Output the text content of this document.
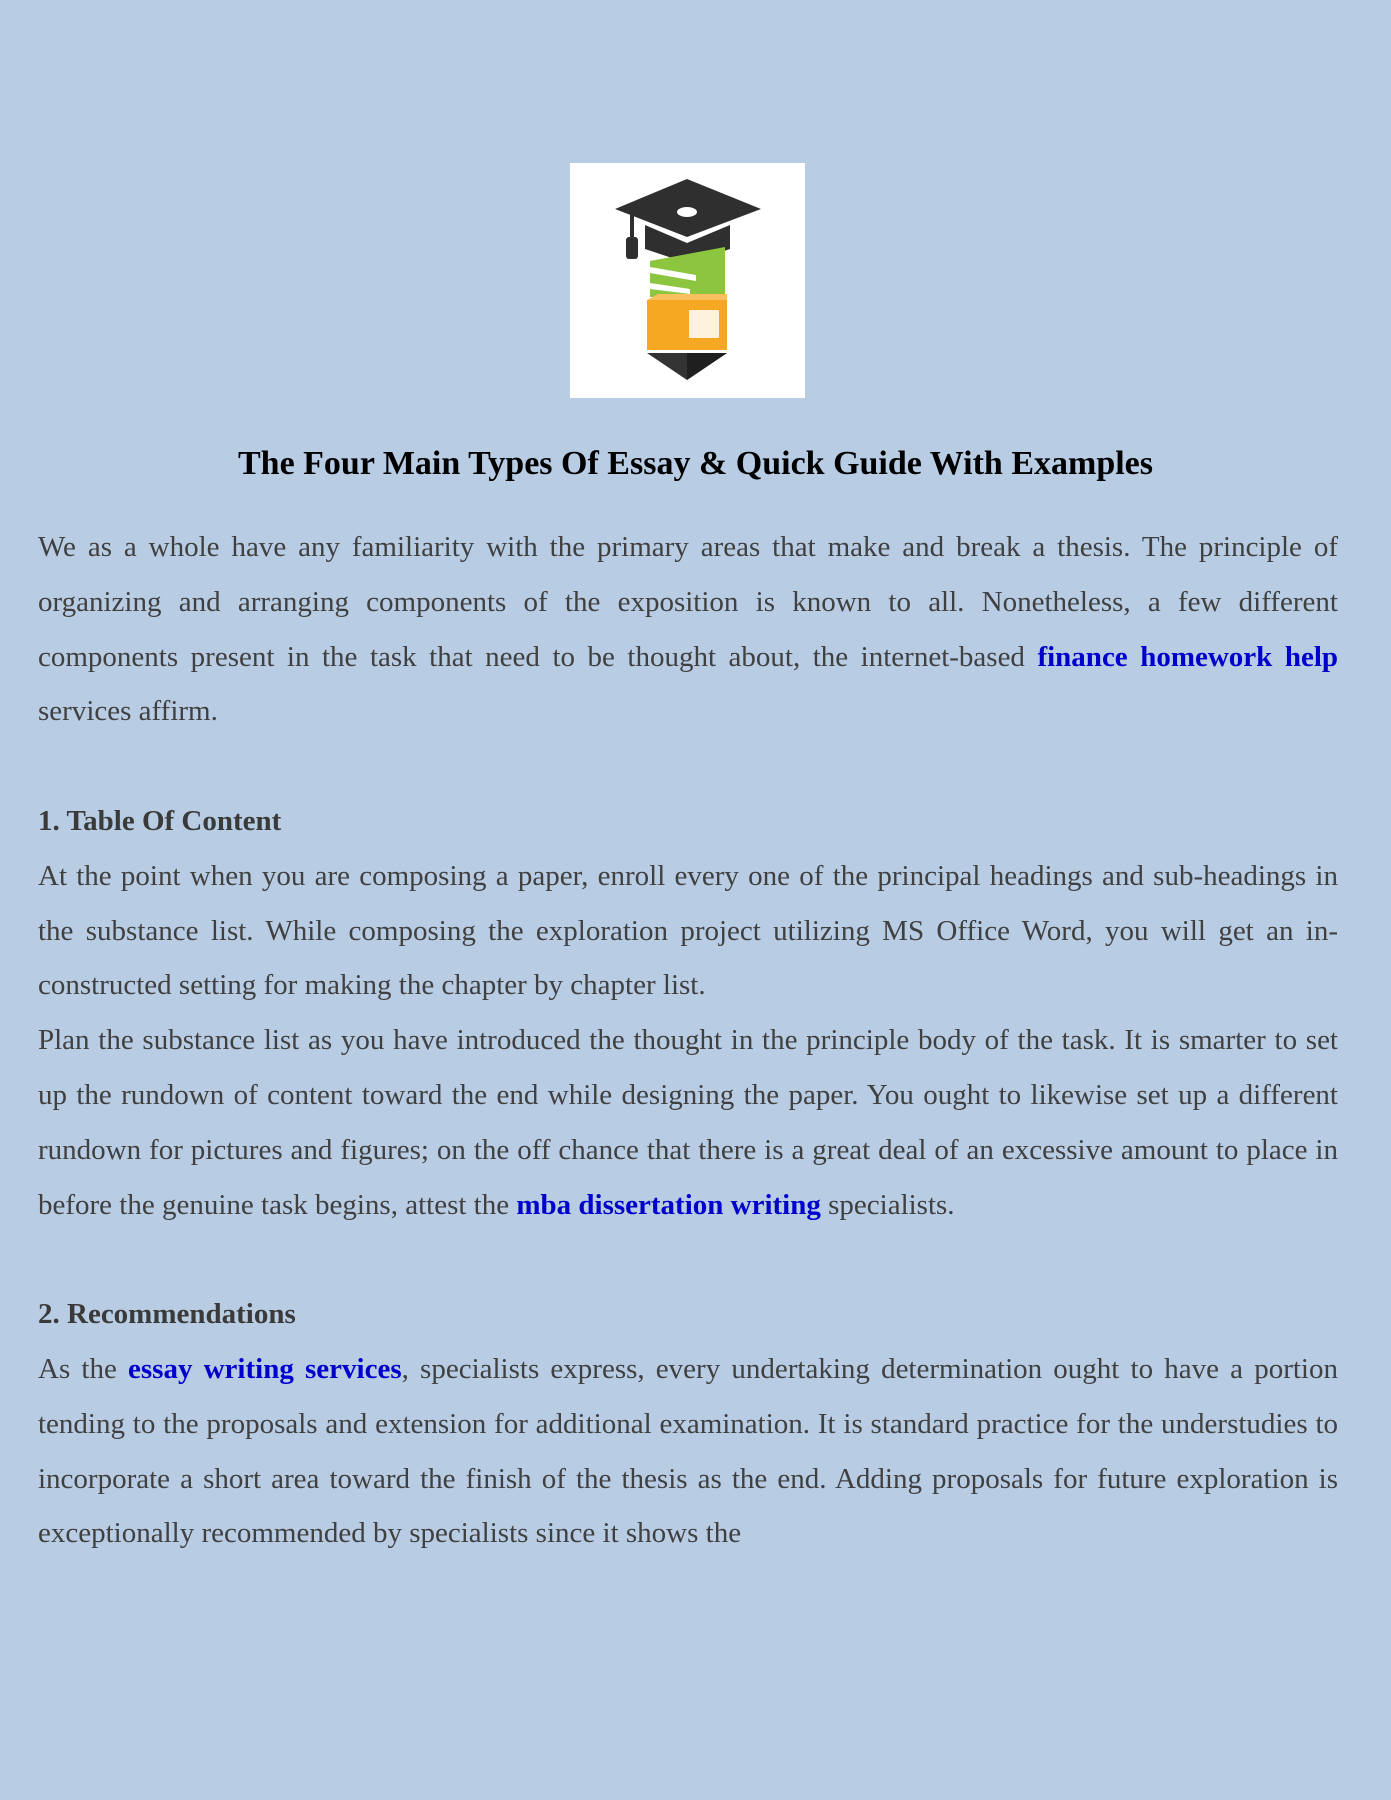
The Four Main Types Of Essay & Quick Guide With Examples

We as a whole have any familiarity with the primary areas that make and break a thesis. The principle of organizing and arranging components of the exposition is known to all. Nonetheless, a few different components present in the task that need to be thought about, the internet-based finance homework help services affirm.

1. Table Of Content

At the point when you are composing a paper, enroll every one of the principal headings and sub-headings in the substance list. While composing the exploration project utilizing MS Office Word, you will get an in-constructed setting for making the chapter by chapter list.

Plan the substance list as you have introduced the thought in the principle body of the task. It is smarter to set up the rundown of content toward the end while designing the paper. You ought to likewise set up a different rundown for pictures and figures; on the off chance that there is a great deal of an excessive amount to place in before the genuine task begins, attest the mba dissertation writing specialists.

2. Recommendations

As the essay writing services, specialists express, every undertaking determination ought to have a portion tending to the proposals and extension for additional examination. It is standard practice for the understudies to incorporate a short area toward the finish of the thesis as the end. Adding proposals for future exploration is exceptionally recommended by specialists since it shows the
